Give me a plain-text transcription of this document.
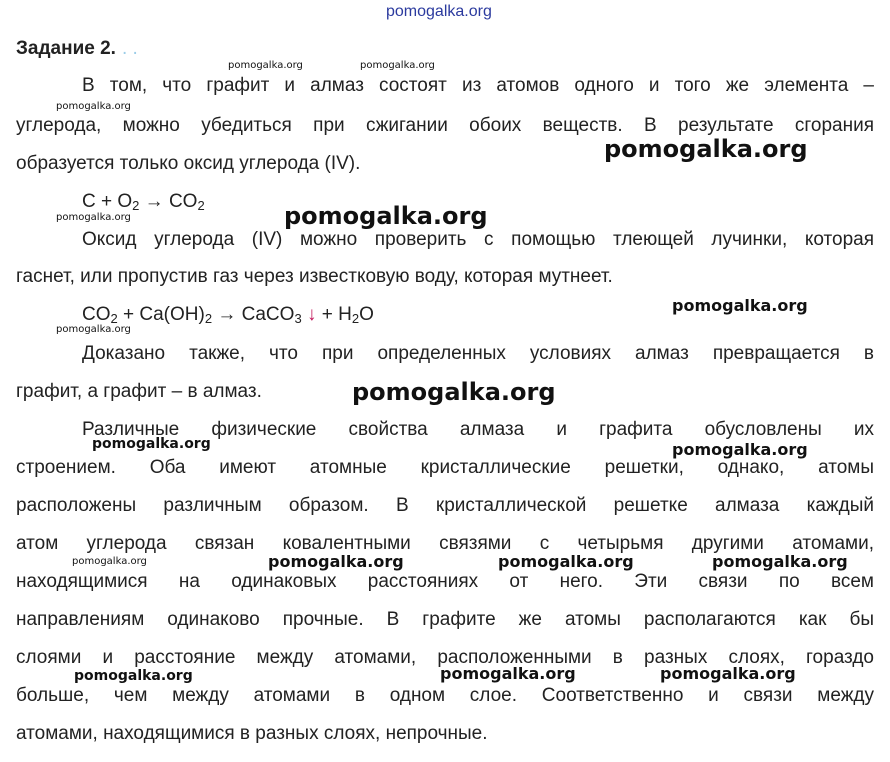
pomogalka.org
pomogalka.org	pomogalka.org
pomogalka.org
pomogalka.org
pomogalka.org	pomogalka.org
pomogalka.org
pomogalka.org
pomogalka.org
pomogalka.org	pomogalka.org
pomogalka.org	pomogalka.org	pomogalka.org	pomogalka.org
pomogalka.org	pomogalka.org	pomogalka.org
Задание 2. . .
В том, что графит и алмаз состоят из атомов одного и того же элемента –
углерода, можно убедиться при сжигании обоих веществ. В результате сгорания
образуется только оксид углерода (IV).
$C + O_2 \to CO_2$
Оксид углерода (IV) можно проверить с помощью тлеющей лучинки, которая
гаснет, или пропустив газ через известковую воду, которая мутнеет.
$CO_2 + Ca(OH)_2$ → CaCO$_3$ ↓ + $H_2O$
Доказано также, что при определенных условиях алмаз превращается в
графит, а графит – в алмаз.
Различные физические свойства алмаза и графита обусловлены их
строением. Оба имеют атомные кристаллические решетки, однако, атомы
расположены различным образом. В кристаллической решетке алмаза каждый
атом углерода связан ковалентными связями с четырьмя другими атомами,
находящимися на одинаковых расстояниях от него. Эти связи по всем
направлениям одинаково прочные. В графите же атомы располагаются как бы
слоями и расстояние между атомами, расположенными в разных слоях, гораздо
больше, чем между атомами в одном слое. Соответственно и связи между
атомами, находящимися в разных слоях, непрочные.
